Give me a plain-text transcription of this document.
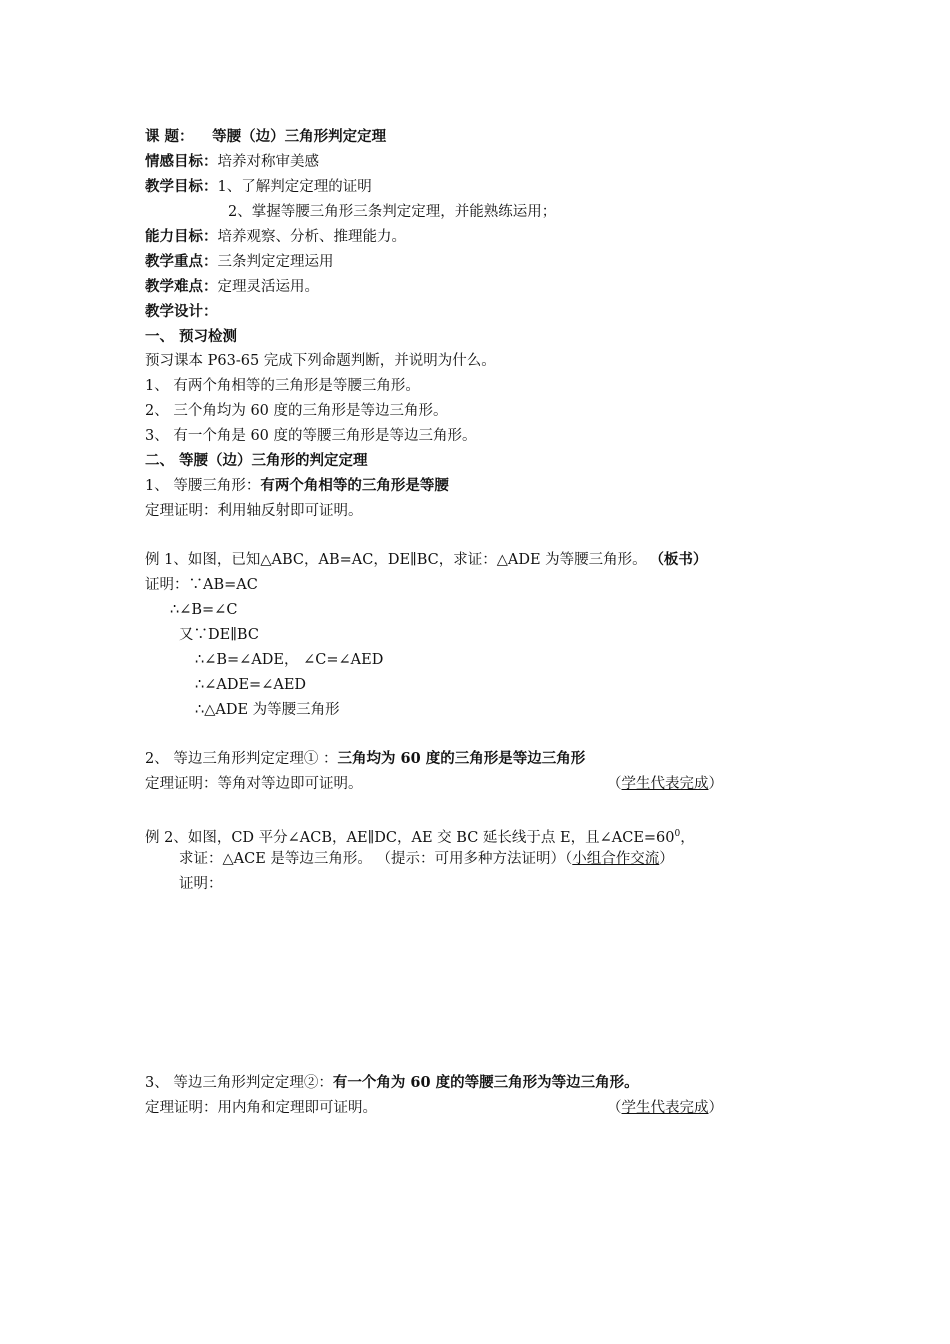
课 题： 等腰（边）三角形判定定理
情感目标：培养对称审美感
教学目标：1、了解判定定理的证明
2、掌握等腰三角形三条判定定理，并能熟练运用；
能力目标：培养观察、分析、推理能力。
教学重点：三条判定定理运用
教学难点：定理灵活运用。
教学设计：
一、 预习检测
预习课本 P63-65 完成下列命题判断，并说明为什么。
1、 有两个角相等的三角形是等腰三角形。
2、 三个角均为 60 度的三角形是等边三角形。
3、 有一个角是 60 度的等腰三角形是等边三角形。
二、 等腰（边）三角形的判定定理
1、 等腰三角形：有两个角相等的三角形是等腰
定理证明：利用轴反射即可证明。
例 1、如图，已知△ABC，AB=AC，DE∥BC，求证：△ADE 为等腰三角形。 （板书）
证明：∵AB=AC
∴∠B=∠C
又∵DE∥BC
∴∠B=∠ADE， ∠C=∠AED
∴∠ADE=∠AED
∴△ADE 为等腰三角形
2、 等边三角形判定定理① ：三角均为 60 度的三角形是等边三角形
定理证明：等角对等边即可证明。	（学生代表完成）
例 2、如图，CD 平分∠ACB，AE∥DC，AE 交 BC 延长线于点 E，且$\angle ACE=60^0$，
求证：△ACE 是等边三角形。 （提示：可用多种方法证明）（小组合作交流）
证明：
3、 等边三角形判定定理②：有一个角为 60 度的等腰三角形为等边三角形。
定理证明：用内角和定理即可证明。	（学生代表完成）
